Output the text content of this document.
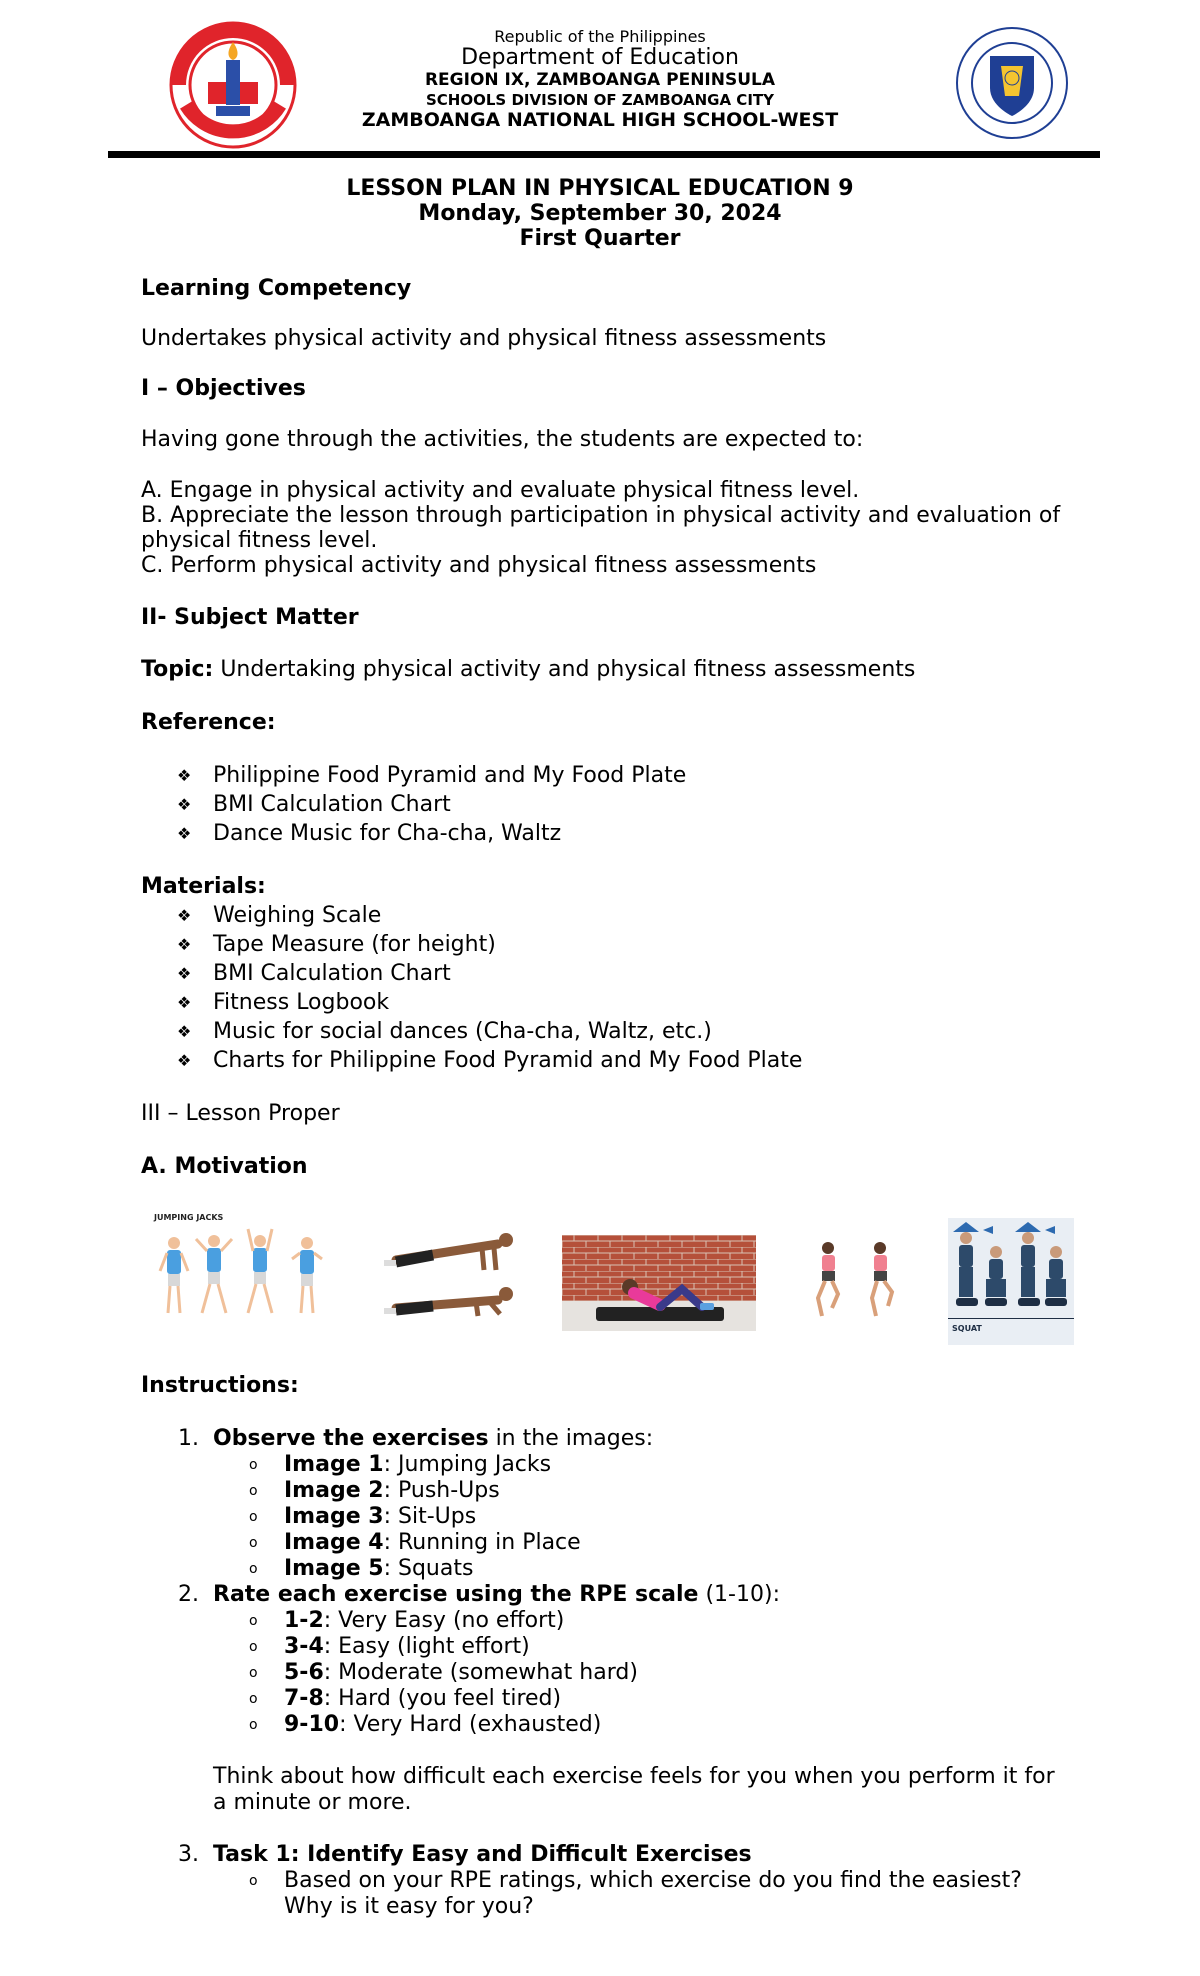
Republic of the Philippines
Department of Education
REGION IX, ZAMBOANGA PENINSULA
SCHOOLS DIVISION OF ZAMBOANGA CITY
ZAMBOANGA NATIONAL HIGH SCHOOL-WEST
LESSON PLAN IN PHYSICAL EDUCATION 9
Monday, September 30, 2024
First Quarter
Learning Competency
Undertakes physical activity and physical fitness assessments
I – Objectives
Having gone through the activities, the students are expected to:
A. Engage in physical activity and evaluate physical fitness level.
B. Appreciate the lesson through participation in physical activity and evaluation of
physical fitness level.
C. Perform physical activity and physical fitness assessments
II- Subject Matter
Topic: Undertaking physical activity and physical fitness assessments
Reference:
❖ Philippine Food Pyramid and My Food Plate
❖ BMI Calculation Chart
❖ Dance Music for Cha-cha, Waltz
Materials:
❖ Weighing Scale
❖ Tape Measure (for height)
❖ BMI Calculation Chart
❖ Fitness Logbook
❖ Music for social dances (Cha-cha, Waltz, etc.)
❖ Charts for Philippine Food Pyramid and My Food Plate
III – Lesson Proper
A. Motivation
JUMPING JACKS
SQUAT
Instructions:
1. Observe the exercises in the images:
o Image 1: Jumping Jacks
o Image 2: Push-Ups
o Image 3: Sit-Ups
o Image 4: Running in Place
o Image 5: Squats
2. Rate each exercise using the RPE scale (1-10):
o 1-2: Very Easy (no effort)
o 3-4: Easy (light effort)
o 5-6: Moderate (somewhat hard)
o 7-8: Hard (you feel tired)
o 9-10: Very Hard (exhausted)
Think about how difficult each exercise feels for you when you perform it for
a minute or more.
3. Task 1: Identify Easy and Difficult Exercises
o Based on your RPE ratings, which exercise do you find the easiest?
Why is it easy for you?
